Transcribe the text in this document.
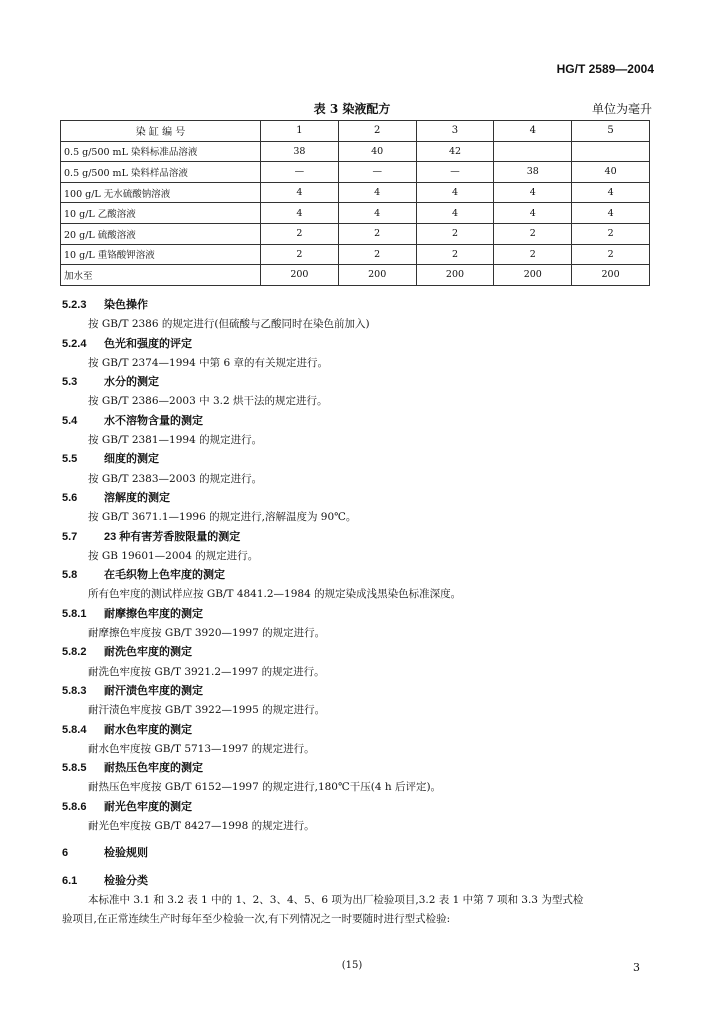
HG/T 2589—2004
表 3 染液配方	单位为毫升
染 缸 编 号	1	2	3	4	5
0.5 g/500 mL 染料标准品溶液	38	40	42		
0.5 g/500 mL 染料样品溶液	—	—	—	38	40
100 g/L 无水硫酸钠溶液	4	4	4	4	4
10 g/L 乙酸溶液	4	4	4	4	4
20 g/L 硫酸溶液	2	2	2	2	2
10 g/L 重铬酸钾溶液	2	2	2	2	2
加水至	200	200	200	200	200
5.2.3 染色操作
按 GB/T 2386 的规定进行(但硫酸与乙酸同时在染色前加入)
5.2.4 色光和强度的评定
按 GB/T 2374—1994 中第 6 章的有关规定进行。
5.3 水分的测定
按 GB/T 2386—2003 中 3.2 烘干法的规定进行。
5.4 水不溶物含量的测定
按 GB/T 2381—1994 的规定进行。
5.5 细度的测定
按 GB/T 2383—2003 的规定进行。
5.6 溶解度的测定
按 GB/T 3671.1—1996 的规定进行,溶解温度为 90℃。
5.7 23 种有害芳香胺限量的测定
按 GB 19601—2004 的规定进行。
5.8 在毛织物上色牢度的测定
所有色牢度的测试样应按 GB/T 4841.2—1984 的规定染成浅黑染色标准深度。
5.8.1 耐摩擦色牢度的测定
耐摩擦色牢度按 GB/T 3920—1997 的规定进行。
5.8.2 耐洗色牢度的测定
耐洗色牢度按 GB/T 3921.2—1997 的规定进行。
5.8.3 耐汗渍色牢度的测定
耐汗渍色牢度按 GB/T 3922—1995 的规定进行。
5.8.4 耐水色牢度的测定
耐水色牢度按 GB/T 5713—1997 的规定进行。
5.8.5 耐热压色牢度的测定
耐热压色牢度按 GB/T 6152—1997 的规定进行,180℃干压(4 h 后评定)。
5.8.6 耐光色牢度的测定
耐光色牢度按 GB/T 8427—1998 的规定进行。
6	检验规则
6.1 检验分类
本标准中 3.1 和 3.2 表 1 中的 1、2、3、4、5、6 项为出厂检验项目,3.2 表 1 中第 7 项和 3.3 为型式检
验项目,在正常连续生产时每年至少检验一次,有下列情况之一时要随时进行型式检验:
(15)	3
